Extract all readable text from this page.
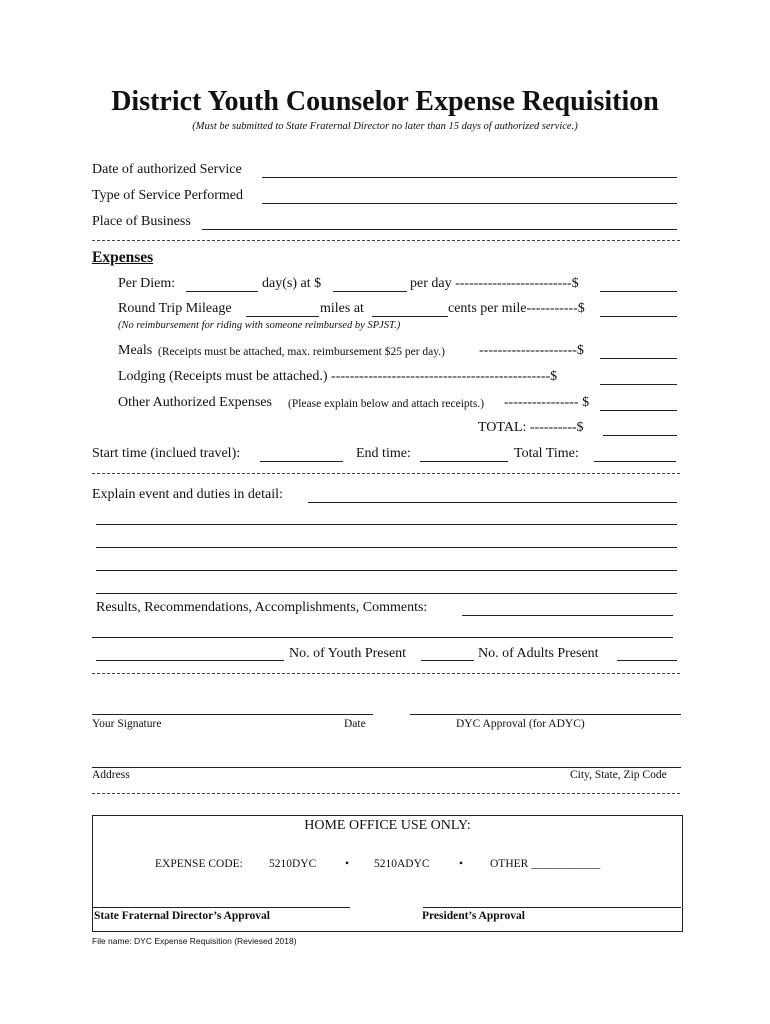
District Youth Counselor Expense Requisition
(Must be submitted to State Fraternal Director no later than 15 days of authorized service.)
Date of authorized Service
Type of Service Performed
Place of Business
Expenses
Per Diem:	day(s) at $	per day -------------------------$
Round Trip Mileage	miles at	cents per mile-----------$
(No reimbursement for riding with someone reimbursed by SPJST.)
Meals (Receipts must be attached, max. reimbursement $25 per day.) ---------------------$
Lodging (Receipts must be attached.) -----------------------------------------------$
Other Authorized Expenses (Please explain below and attach receipts.) ---------------- $
TOTAL: ----------$
Start time (inclued travel):	End time:	Total Time:
Explain event and duties in detail:
Results, Recommendations, Accomplishments, Comments:
No. of Youth Present	No. of Adults Present
Your Signature	Date	DYC Approval (for ADYC)
Address	City, State, Zip Code
HOME OFFICE USE ONLY:
EXPENSE CODE: 5210DYC • 5210ADYC	• OTHER ____________
State Fraternal Director’s Approval	President’s Approval
File name: DYC Expense Requisition (Reviesed 2018)
